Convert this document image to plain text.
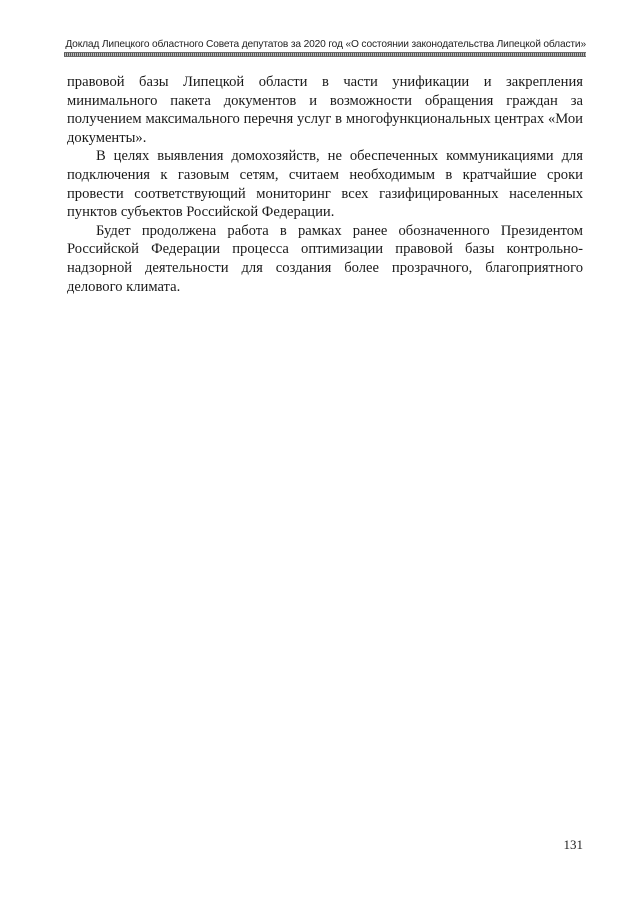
Доклад Липецкого областного Совета депутатов за 2020 год «О состоянии законодательства Липецкой области»

правовой базы Липецкой области в части унификации и закрепления минимального пакета документов и возможности обращения граждан за получением максимального перечня услуг в многофункциональных центрах «Мои документы».

В целях выявления домохозяйств, не обеспеченных коммуникациями для подключения к газовым сетям, считаем необходимым в кратчайшие сроки провести соответствующий мониторинг всех газифицированных населенных пунктов субъектов Российской Федерации.

Будет продолжена работа в рамках ранее обозначенного Президентом Российской Федерации процесса оптимизации правовой базы контрольно-надзорной деятельности для создания более прозрачного, благоприятного делового климата.

131
